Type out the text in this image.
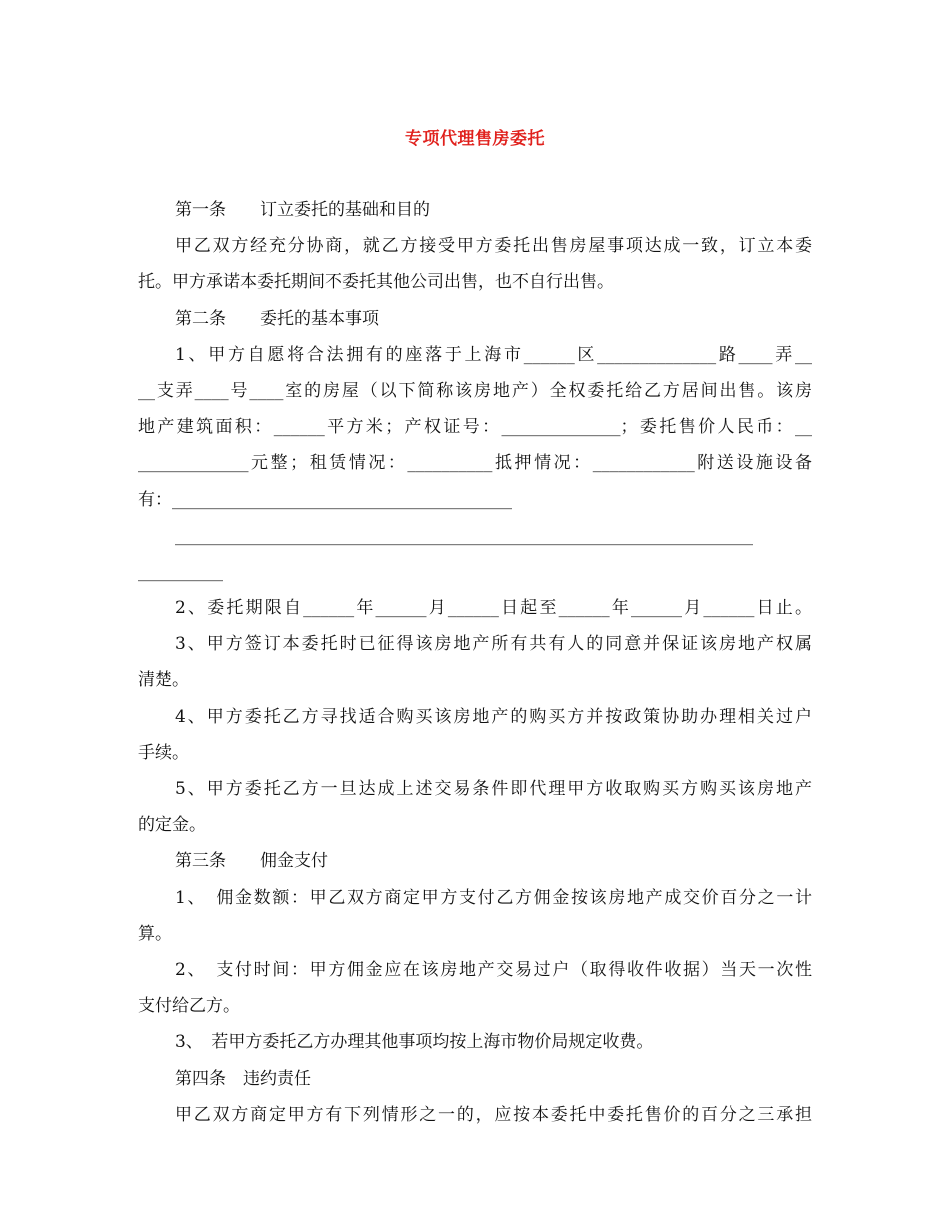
专项代理售房委托
第一条　　订立委托的基础和目的
甲乙双方经充分协商，就乙方接受甲方委托出售房屋事项达成一致，订立本委
托。甲方承诺本委托期间不委托其他公司出售，也不自行出售。
第二条　　委托的基本事项
1、甲方自愿将合法拥有的座落于上海市______区______________路____弄__
__支弄____号____室的房屋（以下简称该房地产）全权委托给乙方居间出售。该房
地产建筑面积：______平方米；产权证号：______________；委托售价人民币：__
_____________元整；租赁情况：__________抵押情况：____________附送设施设备
有：________________________________________
____________________________________________________________________
__________
2、委托期限自______年______月______日起至______年______月______日止。
3、甲方签订本委托时已征得该房地产所有共有人的同意并保证该房地产权属
清楚。
4、甲方委托乙方寻找适合购买该房地产的购买方并按政策协助办理相关过户
手续。
5、甲方委托乙方一旦达成上述交易条件即代理甲方收取购买方购买该房地产
的定金。
第三条　　佣金支付
1、　佣金数额：甲乙双方商定甲方支付乙方佣金按该房地产成交价百分之一计
算。
2、　支付时间：甲方佣金应在该房地产交易过户（取得收件收据）当天一次性
支付给乙方。
3、　若甲方委托乙方办理其他事项均按上海市物价局规定收费。
第四条　违约责任
甲乙双方商定甲方有下列情形之一的，应按本委托中委托售价的百分之三承担
